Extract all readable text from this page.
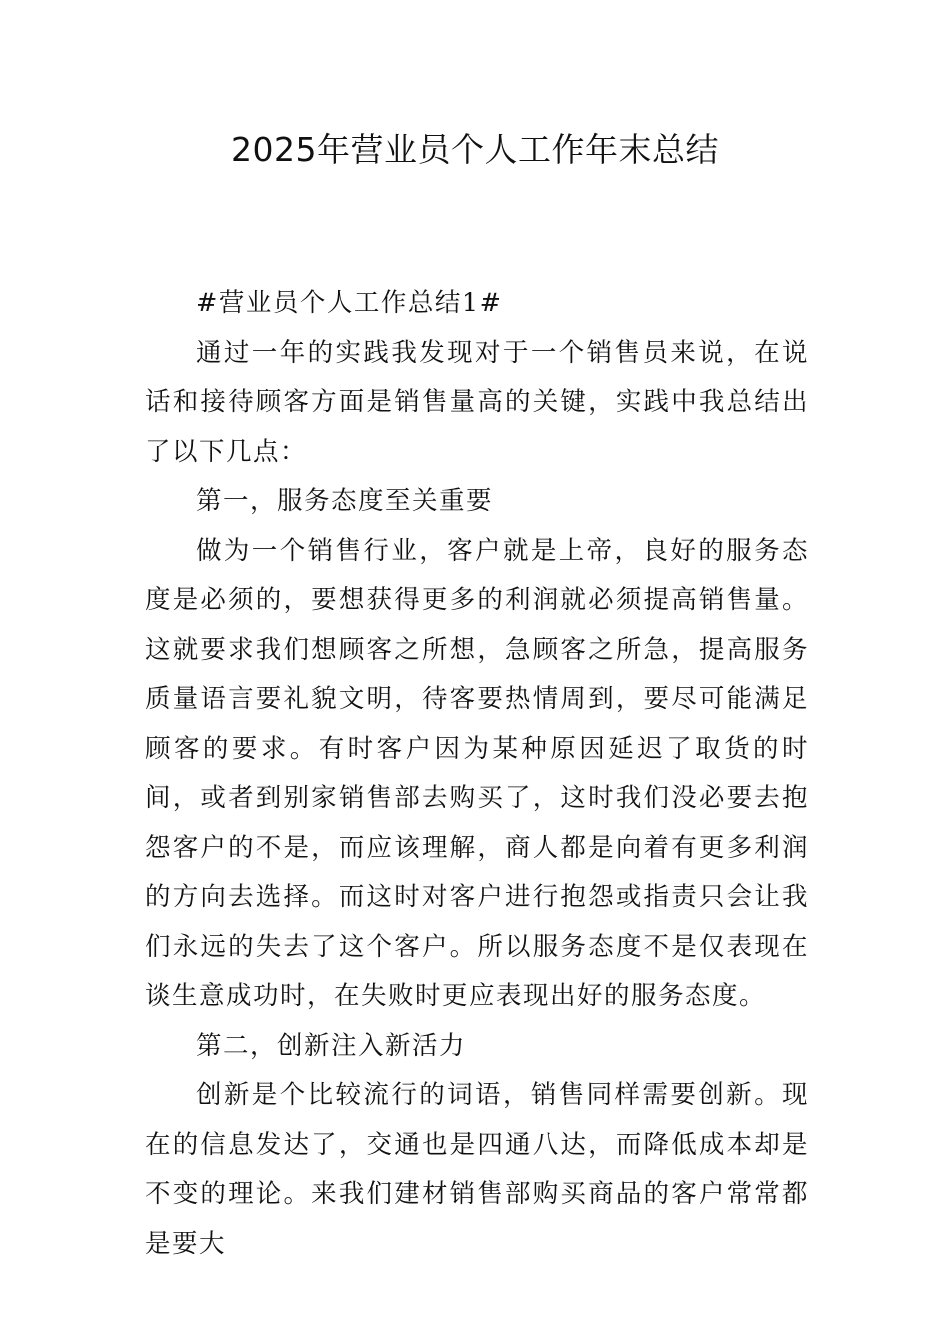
2025年营业员个人工作年末总结

#营业员个人工作总结1#

通过一年的实践我发现对于一个销售员来说，在说话和接待顾客方面是销售量高的关键，实践中我总结出了以下几点：

第一，服务态度至关重要

做为一个销售行业，客户就是上帝，良好的服务态度是必须的，要想获得更多的利润就必须提高销售量。这就要求我们想顾客之所想，急顾客之所急，提高服务质量语言要礼貌文明，待客要热情周到，要尽可能满足顾客的要求。有时客户因为某种原因延迟了取货的时间，或者到别家销售部去购买了，这时我们没必要去抱怨客户的不是，而应该理解，商人都是向着有更多利润的方向去选择。而这时对客户进行抱怨或指责只会让我们永远的失去了这个客户。所以服务态度不是仅表现在谈生意成功时，在失败时更应表现出好的服务态度。

第二，创新注入新活力

创新是个比较流行的词语，销售同样需要创新。现在的信息发达了，交通也是四通八达，而降低成本却是不变的理论。来我们建材销售部购买商品的客户常常都是要大
